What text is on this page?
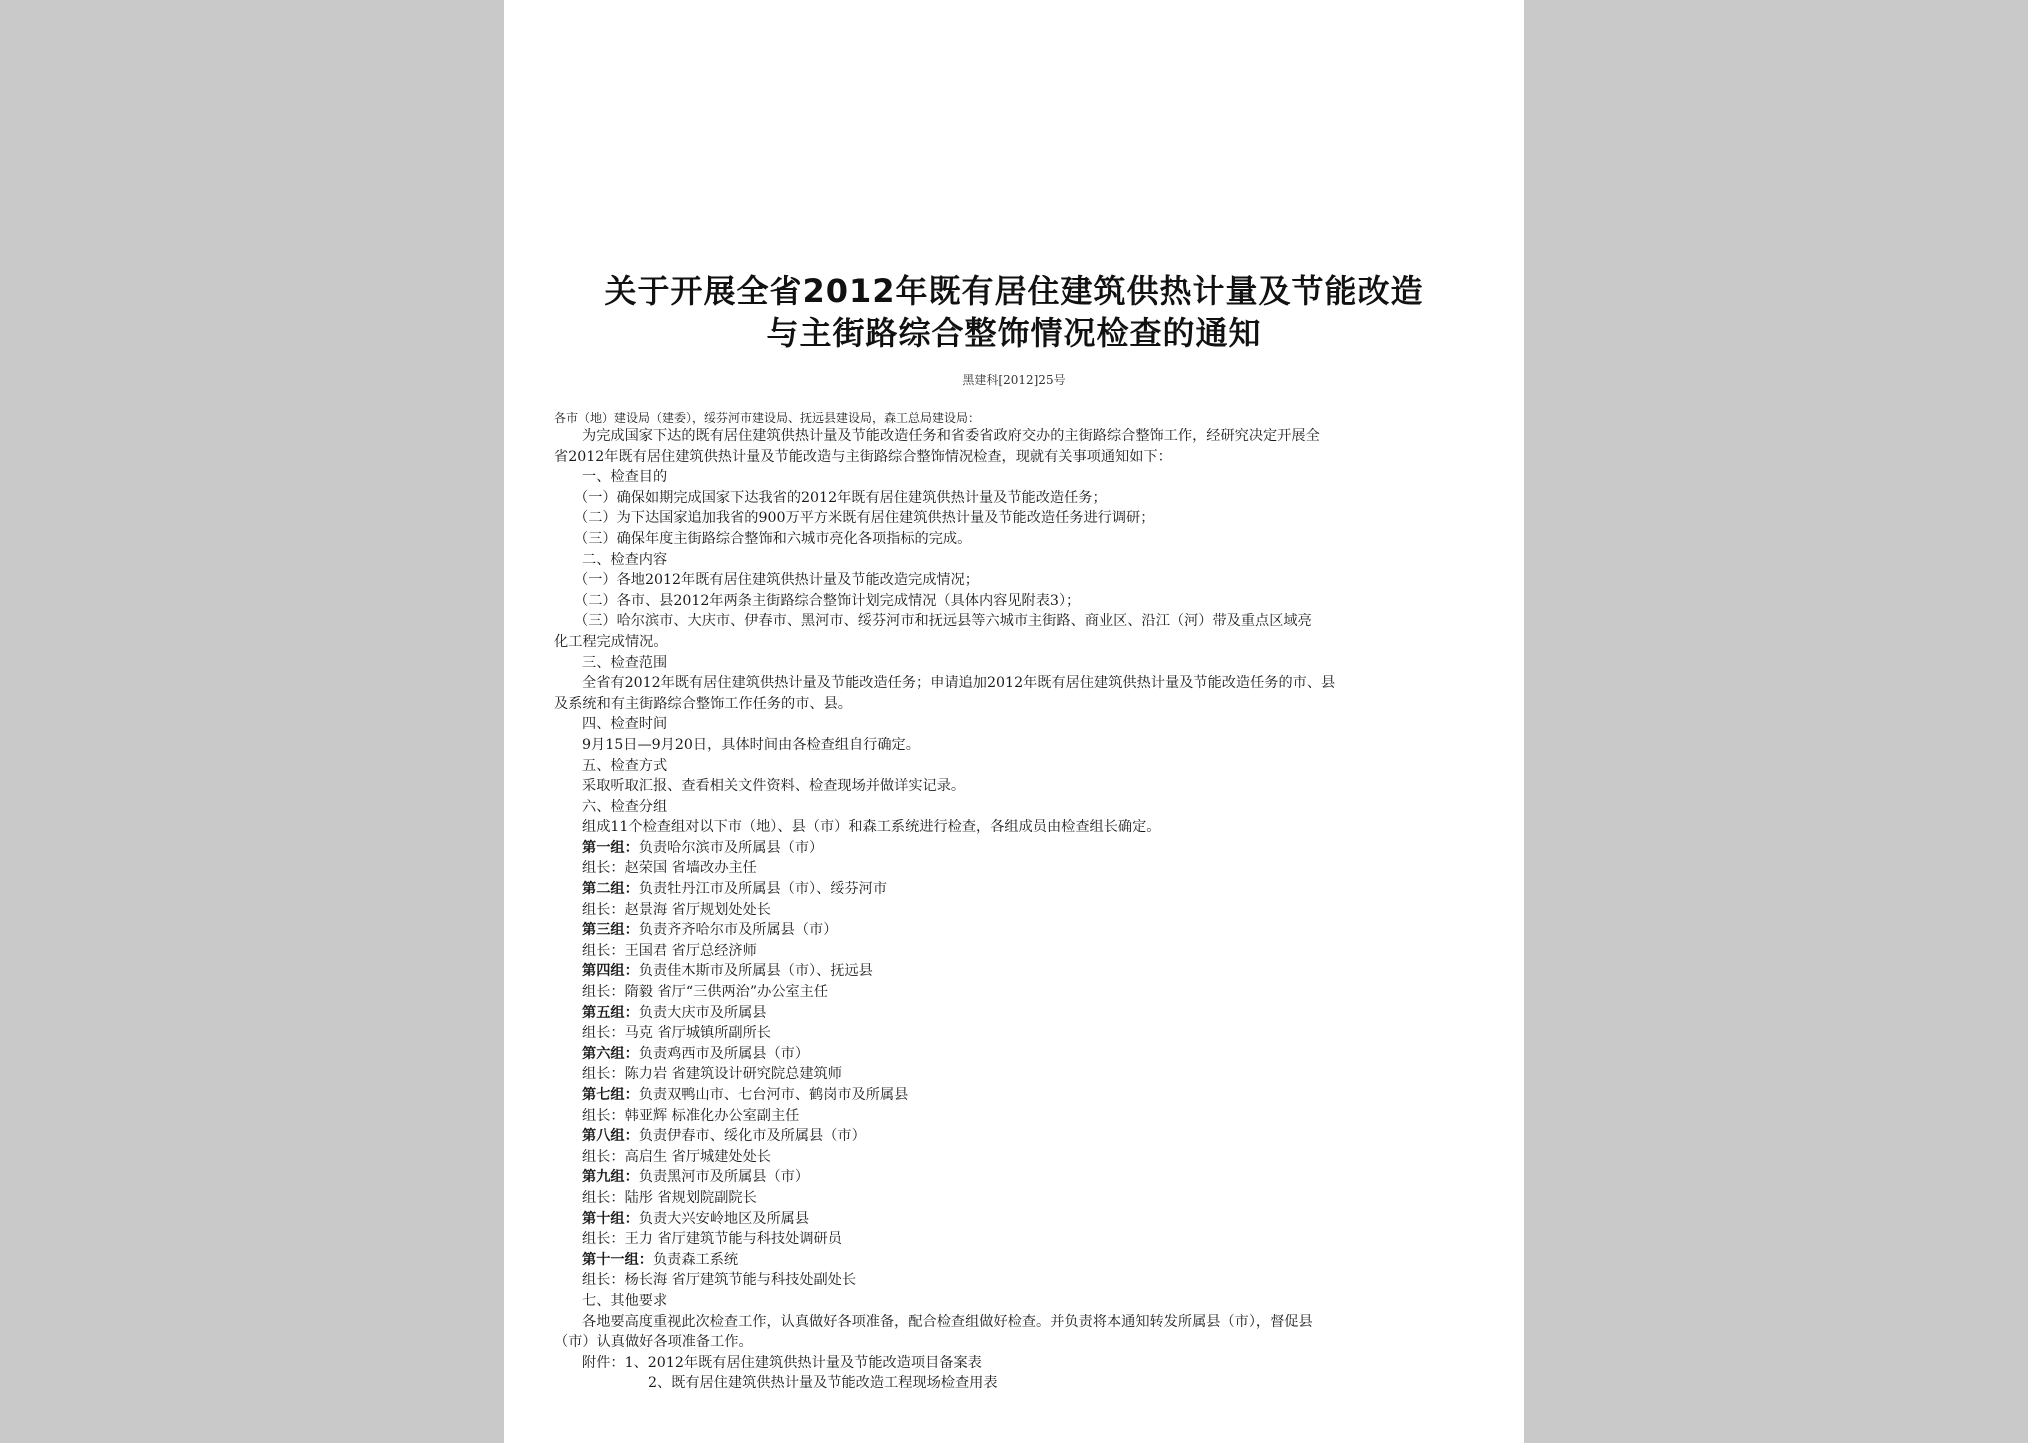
关于开展全省2012年既有居住建筑供热计量及节能改造
与主街路综合整饰情况检查的通知
黑建科[2012]25号
各市（地）建设局（建委），绥芬河市建设局、抚远县建设局，森工总局建设局：
为完成国家下达的既有居住建筑供热计量及节能改造任务和省委省政府交办的主街路综合整饰工作，经研究决定开展全
省2012年既有居住建筑供热计量及节能改造与主街路综合整饰情况检查，现就有关事项通知如下：
一、检查目的
（一）确保如期完成国家下达我省的2012年既有居住建筑供热计量及节能改造任务；
（二）为下达国家追加我省的900万平方米既有居住建筑供热计量及节能改造任务进行调研；
（三）确保年度主街路综合整饰和六城市亮化各项指标的完成。
二、检查内容
（一）各地2012年既有居住建筑供热计量及节能改造完成情况；
（二）各市、县2012年两条主街路综合整饰计划完成情况（具体内容见附表3）；
（三）哈尔滨市、大庆市、伊春市、黑河市、绥芬河市和抚远县等六城市主街路、商业区、沿江（河）带及重点区域亮
化工程完成情况。
三、检查范围
全省有2012年既有居住建筑供热计量及节能改造任务；申请追加2012年既有居住建筑供热计量及节能改造任务的市、县
及系统和有主街路综合整饰工作任务的市、县。
四、检查时间
9月15日—9月20日，具体时间由各检查组自行确定。
五、检查方式
采取听取汇报、查看相关文件资料、检查现场并做详实记录。
六、检查分组
组成11个检查组对以下市（地）、县（市）和森工系统进行检查，各组成员由检查组长确定。
第一组：负责哈尔滨市及所属县（市）
组长：赵荣国 省墙改办主任
第二组：负责牡丹江市及所属县（市）、绥芬河市
组长：赵景海 省厅规划处处长
第三组：负责齐齐哈尔市及所属县（市）
组长：王国君 省厅总经济师
第四组：负责佳木斯市及所属县（市）、抚远县
组长：隋毅 省厅“三供两治”办公室主任
第五组：负责大庆市及所属县
组长：马克 省厅城镇所副所长
第六组：负责鸡西市及所属县（市）
组长：陈力岩 省建筑设计研究院总建筑师
第七组：负责双鸭山市、七台河市、鹤岗市及所属县
组长：韩亚辉 标准化办公室副主任
第八组：负责伊春市、绥化市及所属县（市）
组长：高启生 省厅城建处处长
第九组：负责黑河市及所属县（市）
组长：陆彤 省规划院副院长
第十组：负责大兴安岭地区及所属县
组长：王力 省厅建筑节能与科技处调研员
第十一组：负责森工系统
组长：杨长海 省厅建筑节能与科技处副处长
七、其他要求
各地要高度重视此次检查工作，认真做好各项准备，配合检查组做好检查。并负责将本通知转发所属县（市），督促县
（市）认真做好各项准备工作。
附件：1、2012年既有居住建筑供热计量及节能改造项目备案表
2、既有居住建筑供热计量及节能改造工程现场检查用表
